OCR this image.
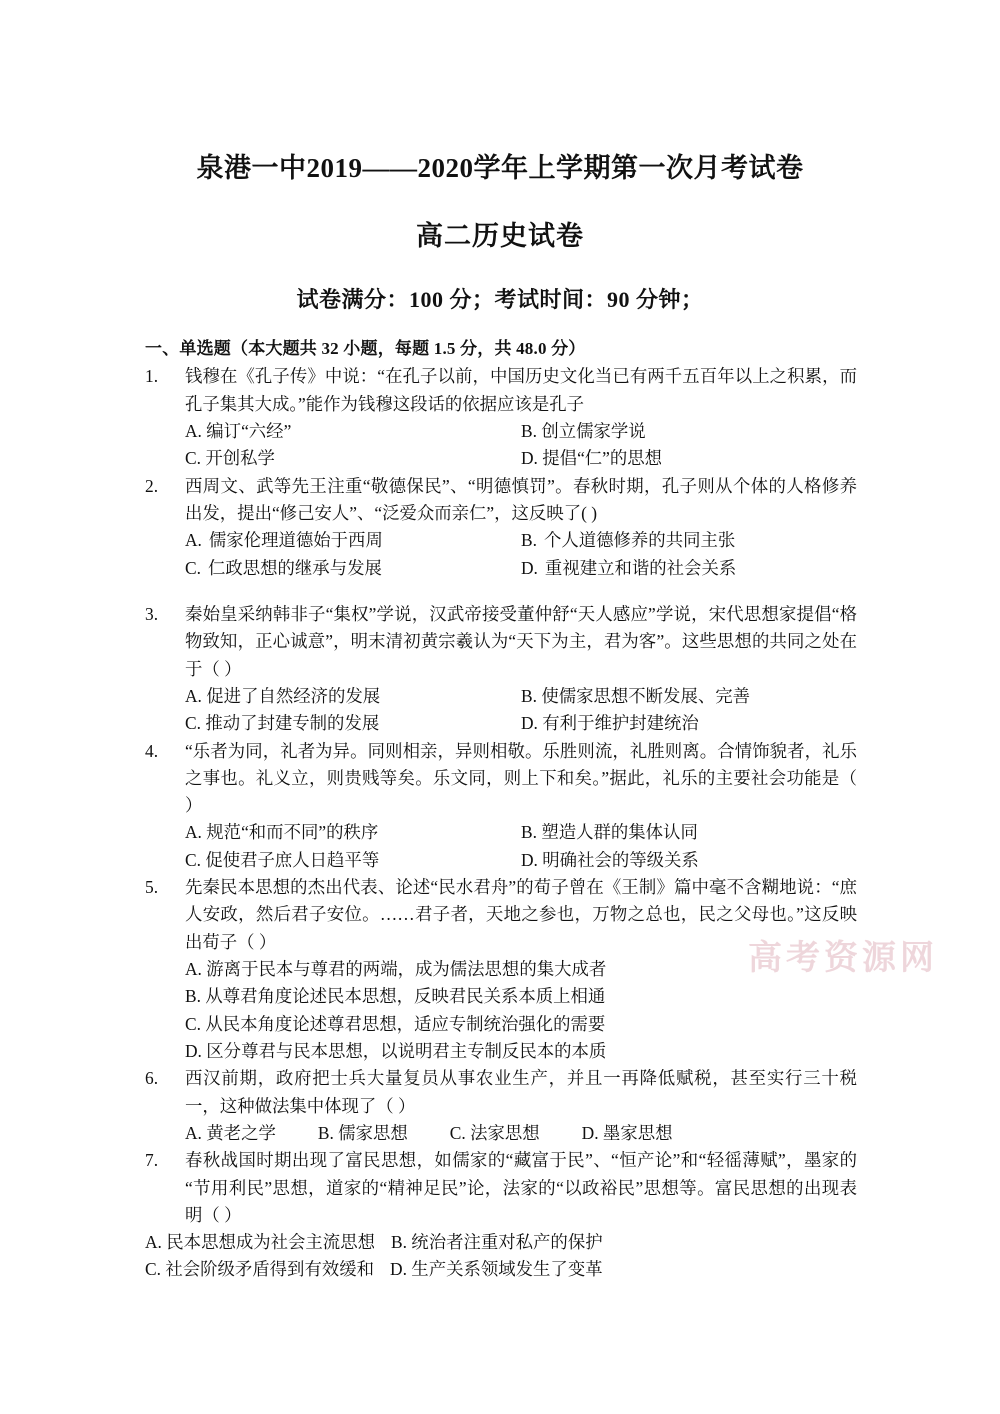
高考资源网
泉港一中2019——2020学年上学期第一次月考试卷
高二历史试卷
试卷满分：100 分；考试时间：90 分钟；
一、单选题（本大题共 32 小题，每题 1.5 分，共 48.0 分）
1.	钱穆在《孔子传》中说：“在孔子以前，中国历史文化当已有两千五百年以上之积累，而孔子集其大成。”能作为钱穆这段话的依据应该是孔子
A. 编订“六经”	B. 创立儒家学说
C. 开创私学	D. 提倡“仁”的思想
2.	西周文、武等先王注重“敬德保民”、“明德慎罚”。春秋时期，孔子则从个体的人格修养出发，提出“修己安人”、“泛爱众而亲仁”，这反映了( )
A. 儒家伦理道德始于西周	B. 个人道德修养的共同主张
C. 仁政思想的继承与发展	D. 重视建立和谐的社会关系
3.	秦始皇采纳韩非子“集权”学说，汉武帝接受董仲舒“天人感应”学说，宋代思想家提倡“格物致知，正心诚意”，明末清初黄宗羲认为“天下为主，君为客”。这些思想的共同之处在于（ ）
A. 促进了自然经济的发展	B. 使儒家思想不断发展、完善
C. 推动了封建专制的发展	D. 有利于维护封建统治
4.	“乐者为同，礼者为异。同则相亲，异则相敬。乐胜则流，礼胜则离。合情饰貌者，礼乐之事也。礼义立，则贵贱等矣。乐文同，则上下和矣。”据此，礼乐的主要社会功能是（ ）
A. 规范“和而不同”的秩序	B. 塑造人群的集体认同
C. 促使君子庶人日趋平等	D. 明确社会的等级关系
5.	先秦民本思想的杰出代表、论述“民水君舟”的荀子曾在《王制》篇中毫不含糊地说：“庶人安政，然后君子安位。……君子者，天地之参也，万物之总也，民之父母也。”这反映出荀子（ ）
A. 游离于民本与尊君的两端，成为儒法思想的集大成者
B. 从尊君角度论述民本思想，反映君民关系本质上相通
C. 从民本角度论述尊君思想，适应专制统治强化的需要
D. 区分尊君与民本思想，以说明君主专制反民本的本质
6.	西汉前期，政府把士兵大量复员从事农业生产，并且一再降低赋税，甚至实行三十税一，这种做法集中体现了（ ）
A. 黄老之学 B. 儒家思想 C. 法家思想 D. 墨家思想
7.	春秋战国时期出现了富民思想，如儒家的“藏富于民”、“恒产论”和“轻徭薄赋”，墨家的“节用利民”思想，道家的“精神足民”论，法家的“以政裕民”思想等。富民思想的出现表明（ ）
A. 民本思想成为社会主流思想 B. 统治者注重对私产的保护
C. 社会阶级矛盾得到有效缓和 D. 生产关系领域发生了变革
